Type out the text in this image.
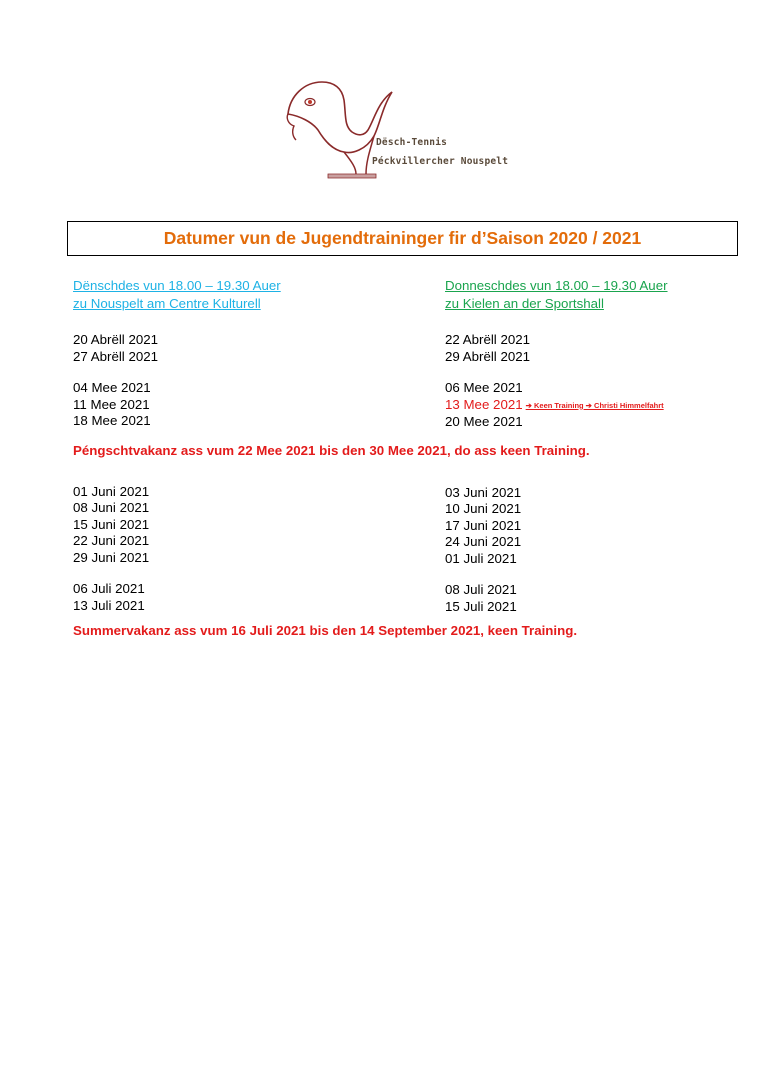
Dësch-Tennis
Péckvillercher Nouspelt
Datumer vun de Jugendtraininger fir d’Saison 2020 / 2021
Dënschdes vun 18.00 – 19.30 Auer
zu Nouspelt am Centre Kulturell
20 Abrëll 2021
27 Abrëll 2021
04 Mee 2021
11 Mee 2021
18 Mee 2021
01 Juni 2021
08 Juni 2021
15 Juni 2021
22 Juni 2021
29 Juni 2021
06 Juli 2021
13 Juli 2021
Donneschdes vun 18.00 – 19.30 Auer
zu Kielen an der Sportshall
22 Abrëll 2021
29 Abrëll 2021
06 Mee 2021
13 Mee 2021 ➔ Keen Training ➔ Christi Himmelfahrt
20 Mee 2021
03 Juni 2021
10 Juni 2021
17 Juni 2021
24 Juni 2021
01 Juli 2021
08 Juli 2021
15 Juli 2021
Péngschtvakanz ass vum 22 Mee 2021 bis den 30 Mee 2021, do ass keen Training.
Summervakanz ass vum 16 Juli 2021 bis den 14 September 2021, keen Training.
